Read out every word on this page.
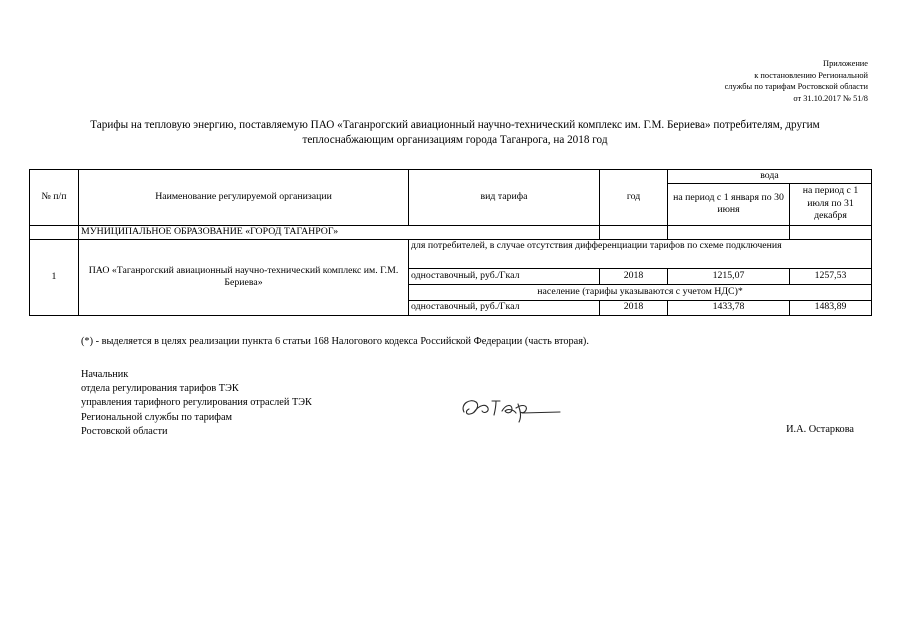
Приложение
к постановлению Региональной
службы по тарифам Ростовской области
от 31.10.2017 № 51/8
Тарифы на тепловую энергию, поставляемую ПАО «Таганрогский авиационный научно-технический комплекс им. Г.М. Бериева» потребителям, другим
теплоснабжающим организациям города Таганрога, на 2018 год
№ п/п	Наименование регулируемой организации	вид тарифа	год	вода	
				на период с 1 января по 30 июня	на период с 1 июля по 31 декабря
	МУНИЦИПАЛЬНОЕ ОБРАЗОВАНИЕ «ГОРОД ТАГАНРОГ»				
1	ПАО «Таганрогский авиационный научно-технический комплекс им. Г.М. Бериева»	для потребителей, в случае отсутствия дифференциации тарифов по схеме подключения			
		одноставочный, руб./Гкал	2018	1215,07	1257,53
		население (тарифы указываются с учетом НДС)*			
		одноставочный, руб./Гкал	2018	1433,78	1483,89
(*) - выделяется в целях реализации пункта 6 статьи 168 Налогового кодекса Российской Федерации (часть вторая).
Начальник
отдела регулирования тарифов ТЭК
управления тарифного регулирования отраслей ТЭК
Региональной службы по тарифам
Ростовской области	И.А. Остаркова
